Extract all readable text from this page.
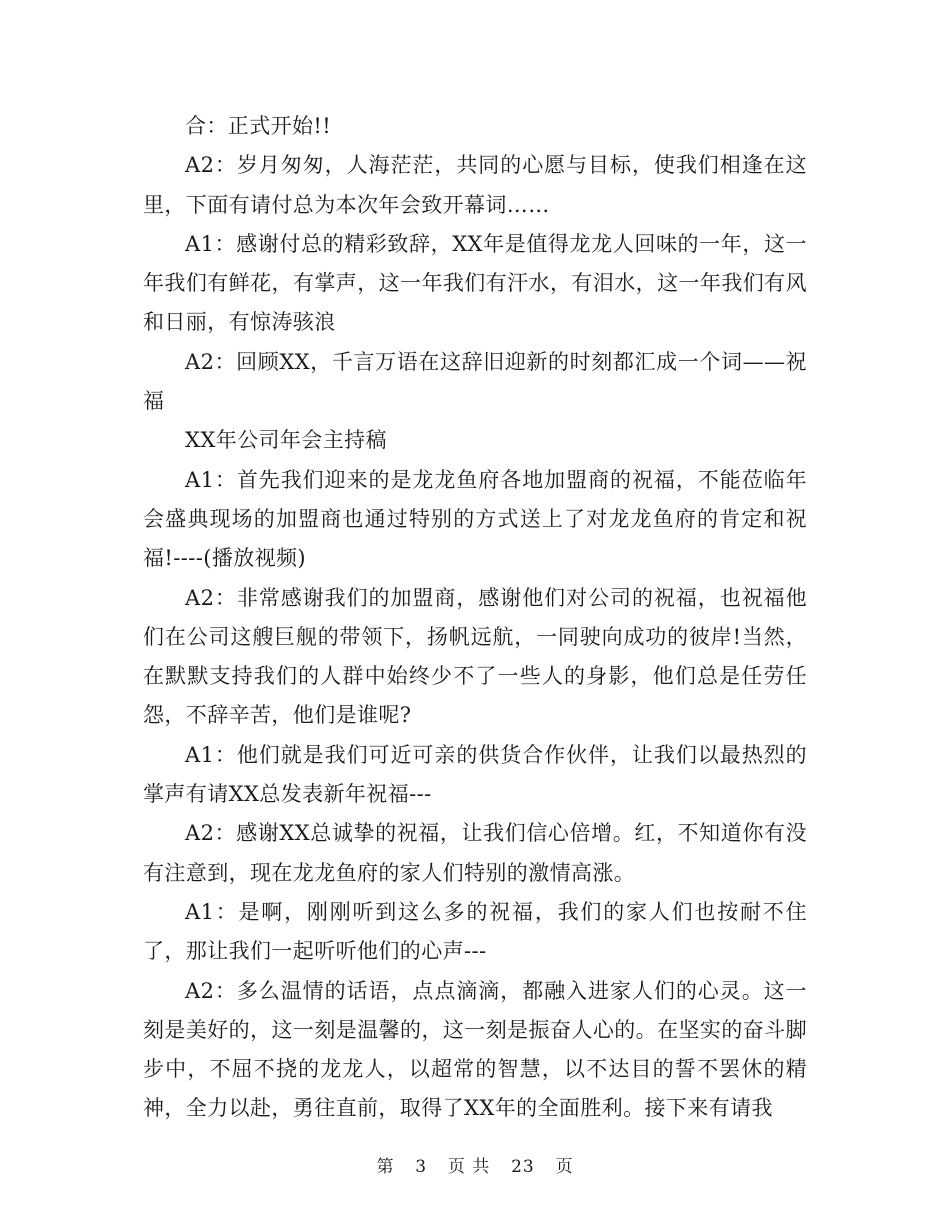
合：正式开始!!

A2：岁月匆匆，人海茫茫，共同的心愿与目标，使我们相逢在这里，下面有请付总为本次年会致开幕词……

A1：感谢付总的精彩致辞，XX年是值得龙龙人回味的一年，这一年我们有鲜花，有掌声，这一年我们有汗水，有泪水，这一年我们有风和日丽，有惊涛骇浪

A2：回顾XX，千言万语在这辞旧迎新的时刻都汇成一个词——祝福

XX年公司年会主持稿

A1：首先我们迎来的是龙龙鱼府各地加盟商的祝福，不能莅临年会盛典现场的加盟商也通过特别的方式送上了对龙龙鱼府的肯定和祝福!----(播放视频)

A2：非常感谢我们的加盟商，感谢他们对公司的祝福，也祝福他们在公司这艘巨舰的带领下，扬帆远航，一同驶向成功的彼岸!当然，在默默支持我们的人群中始终少不了一些人的身影，他们总是任劳任怨，不辞辛苦，他们是谁呢?

A1：他们就是我们可近可亲的供货合作伙伴，让我们以最热烈的掌声有请XX总发表新年祝福---

A2：感谢XX总诚挚的祝福，让我们信心倍增。红，不知道你有没有注意到，现在龙龙鱼府的家人们特别的激情高涨。

A1：是啊，刚刚听到这么多的祝福，我们的家人们也按耐不住了，那让我们一起听听他们的心声---

A2：多么温情的话语，点点滴滴，都融入进家人们的心灵。这一刻是美好的，这一刻是温馨的，这一刻是振奋人心的。在坚实的奋斗脚步中，不屈不挠的龙龙人，以超常的智慧，以不达目的誓不罢休的精神，全力以赴，勇往直前，取得了XX年的全面胜利。接下来有请我

第 3 页 共 23 页
